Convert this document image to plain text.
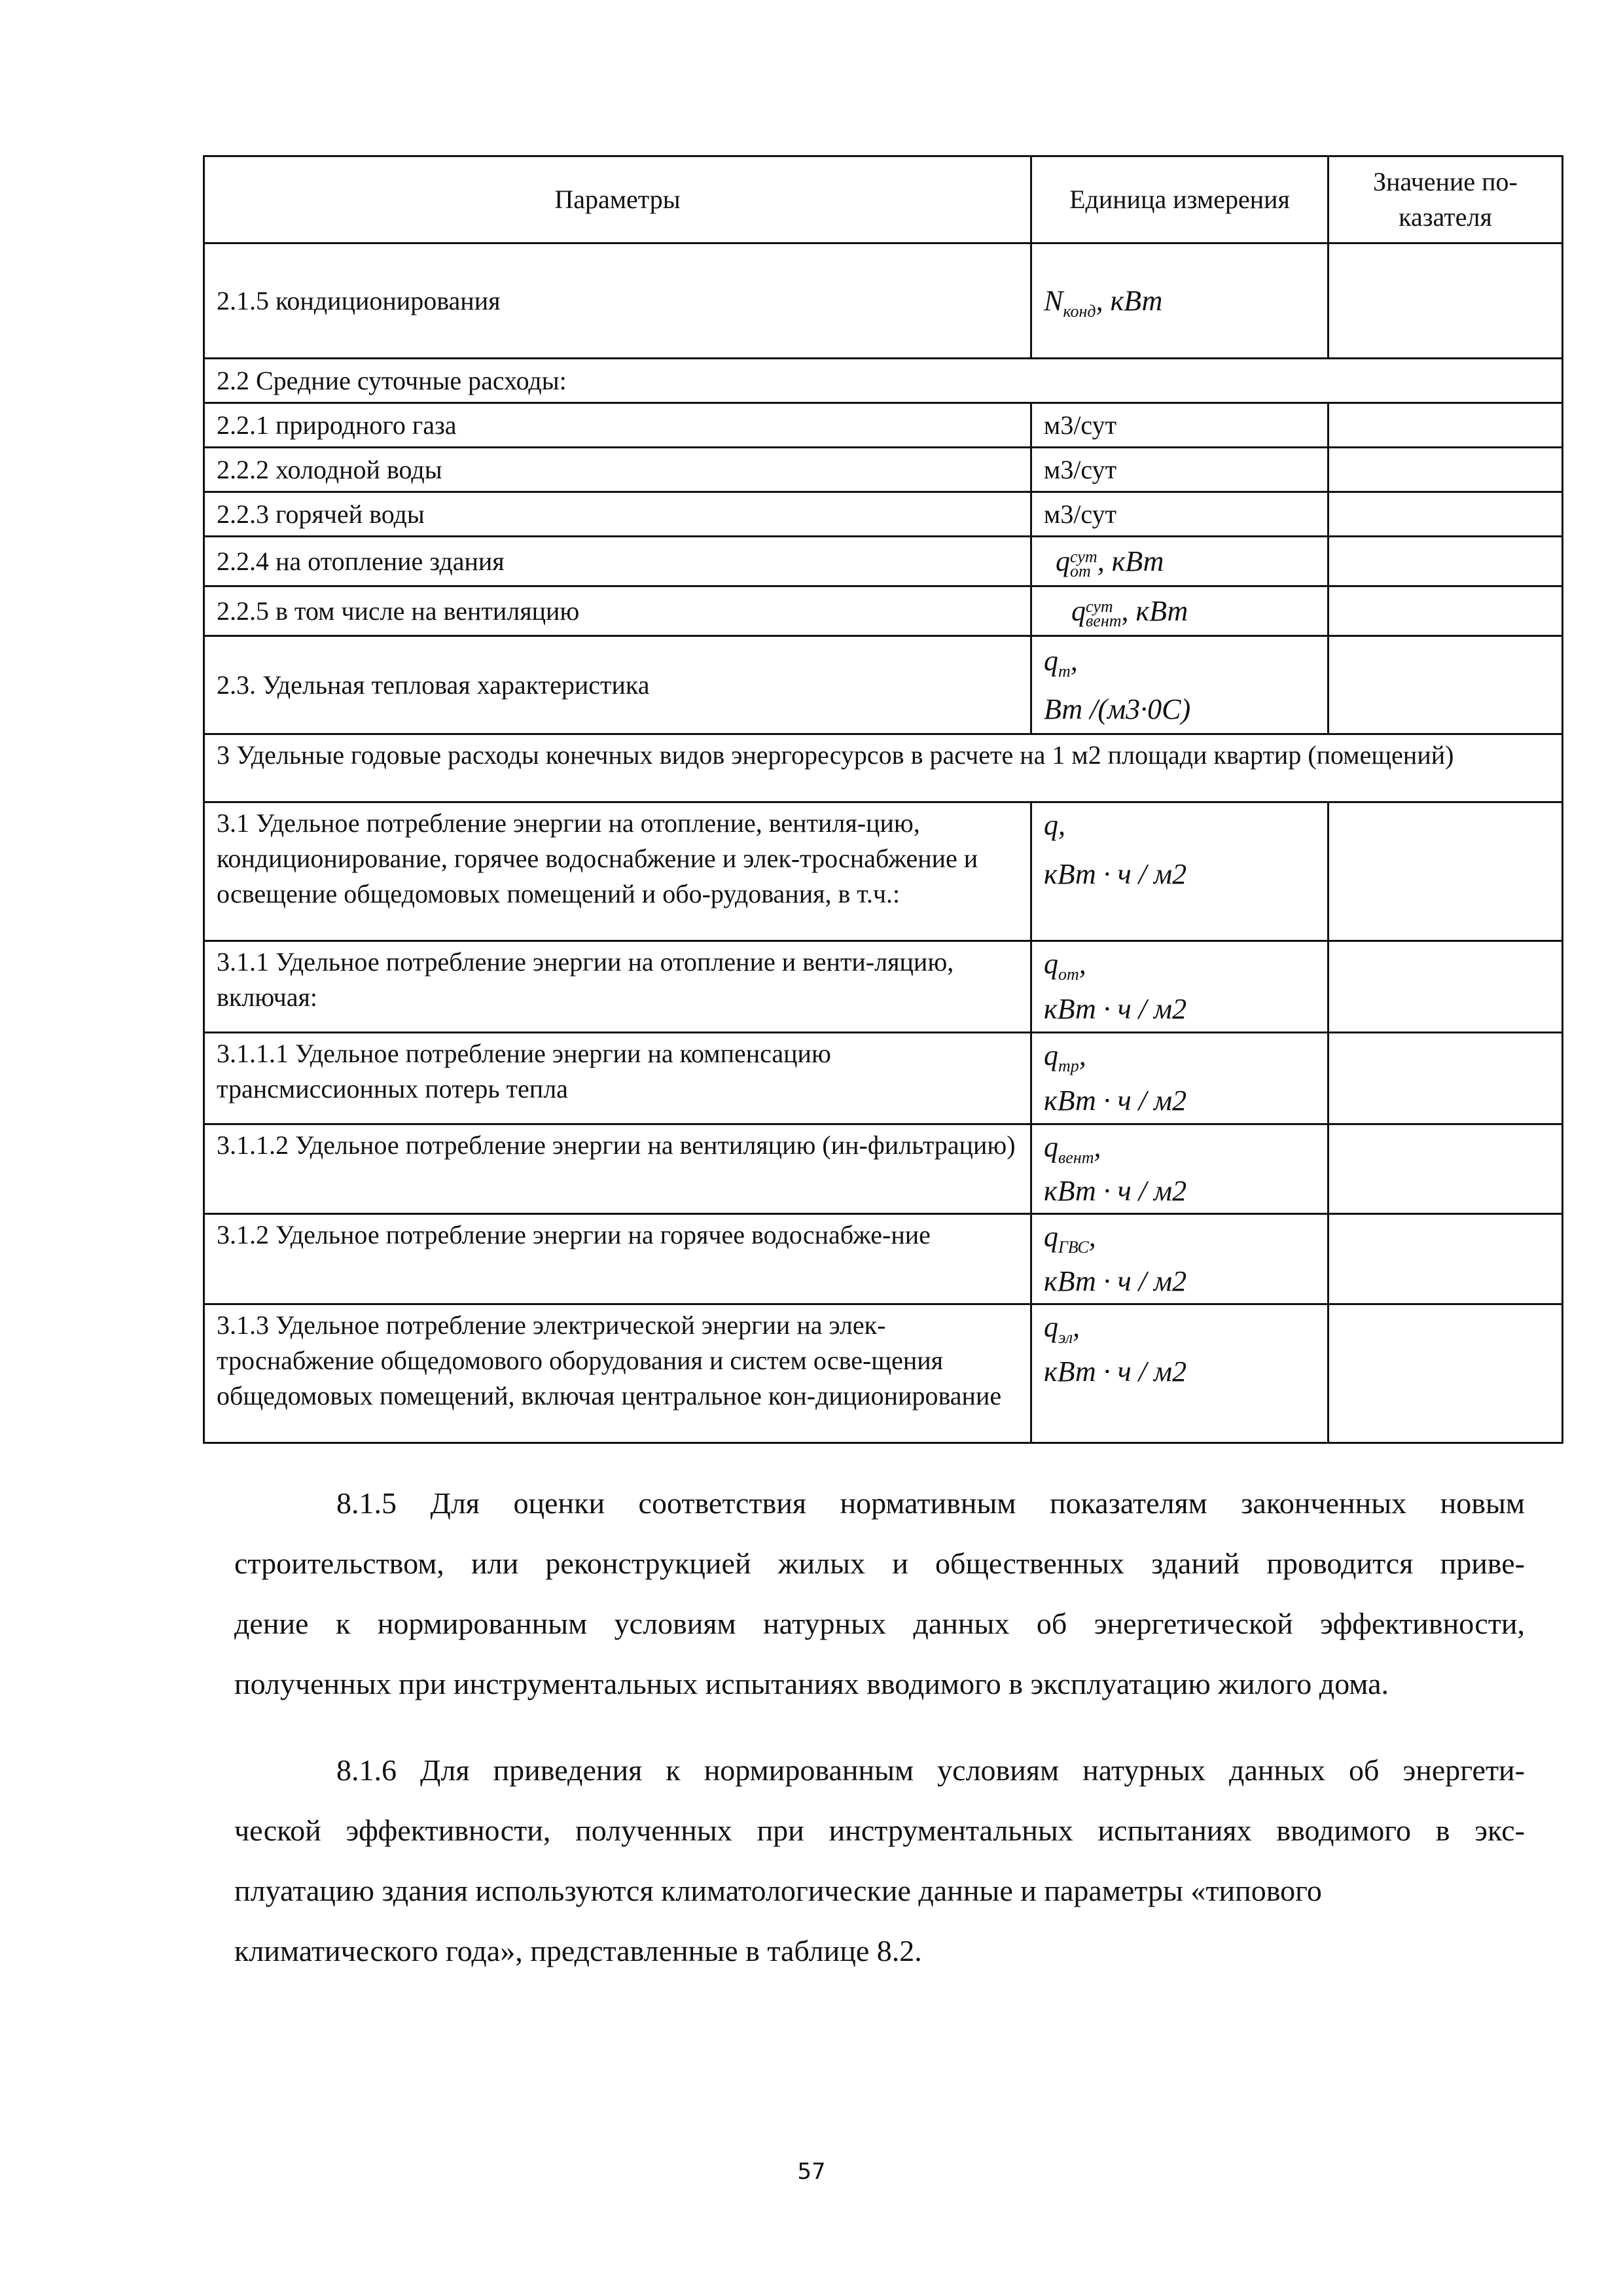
Параметры	Единица измерения	Значение по-казателя
2.1.5 кондиционирования	$N_{конд}$, кВт	
2.2 Средние суточные расходы:		
2.2.1 природного газа	м3/сут	
2.2.2 холодной воды	м3/сут	
2.2.3 горячей воды	м3/сут	
2.2.4 на отопление здания	q сут
от , кВт	
2.2.5 в том числе на вентиляцию	q сут
вент , кВт	
2.3. Удельная тепловая характеристика	$q_т$,
Вт /(м3·0С)	

3 Удельные годовые расходы конечных видов энергоресурсов в расчете на 1 м2 площади квартир (помещений)		
3.1 Удельное потребление энергии на отопление, вентиля-цию, кондиционирование, горячее водоснабжение и элек-троснабжение и освещение общедомовых помещений и обо-рудования, в т.ч.:	q,
кВт · ч / м2	

3.1.1 Удельное потребление энергии на отопление и венти-ляцию, включая:	$q_{от}$,
кВт · ч / м2	

3.1.1.1 Удельное потребление энергии на компенсацию трансмиссионных потерь тепла	$q_{тр}$,
кВт · ч / м2	

3.1.1.2 Удельное потребление энергии на вентиляцию (ин-фильтрацию)	$q_{вент}$,
кВт · ч / м2	

3.1.2 Удельное потребление энергии на горячее водоснабже-ние	$q_{ГВС}$,
кВт · ч / м2	

3.1.3 Удельное потребление электрической энергии на элек-троснабжение общедомового оборудования и систем осве-щения общедомовых помещений, включая центральное кон-диционирование	$q_{эл}$,
кВт · ч / м2	

8.1.5 Для оценки соответствия нормативным показателям законченных новым
строительством, или реконструкцией жилых и общественных зданий проводится приве-
дение к нормированным условиям натурных данных об энергетической эффективности,
полученных при инструментальных испытаниях вводимого в эксплуатацию жилого дома.
8.1.6 Для приведения к нормированным условиям натурных данных об энергети-
ческой эффективности, полученных при инструментальных испытаниях вводимого в экс-
плуатацию здания используются климатологические данные и параметры «типового
климатического года», представленные в таблице 8.2.
57
